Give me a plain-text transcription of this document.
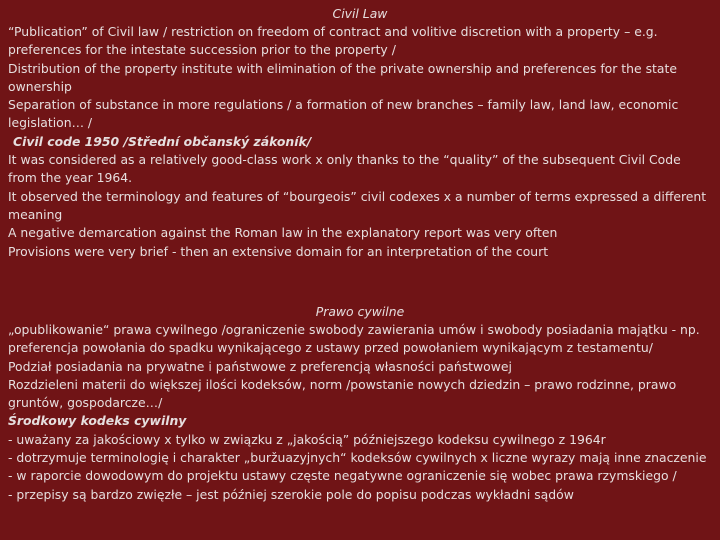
Civil Law
“Publication” of Civil law / restriction on freedom of contract and volitive discretion with a property – e.g. preferences for the intestate succession prior to the property /
Distribution of the property institute with elimination of the private ownership and preferences for the state ownership
Separation of substance in more regulations / a formation of new branches – family law, land law, economic legislation… /
Civil code 1950 /Střední občanský zákoník/
It was considered as a relatively good-class work x only thanks to the “quality” of the subsequent Civil Code from the year 1964.
It observed the terminology and features of “bourgeois” civil codexes x a number of terms expressed a different meaning
A negative demarcation against the Roman law in the explanatory report was very often
Provisions were very brief - then an extensive domain for an interpretation of the court
Prawo cywilne
„opublikowanie“ prawa cywilnego /ograniczenie swobody zawierania umów i swobody posiadania majątku - np. preferencja powołania do spadku wynikającego z ustawy przed powołaniem wynikającym z testamentu/
Podział posiadania na prywatne i państwowe z preferencją własności państwowej
Rozdzieleni materii do większej ilości kodeksów, norm /powstanie nowych dziedzin – prawo rodzinne, prawo gruntów, gospodarcze…/
Środkowy kodeks cywilny
- uważany za jakościowy x tylko w związku z „jakością” późniejszego kodeksu cywilnego z 1964r
- dotrzymuje terminologię i charakter „buržuazyjnych“ kodeksów cywilnych x liczne wyrazy mają inne znaczenie
- w raporcie dowodowym do projektu ustawy częste negatywne ograniczenie się wobec prawa rzymskiego /
- przepisy są bardzo zwięzłe – jest później szerokie pole do popisu podczas wykładni sądów
